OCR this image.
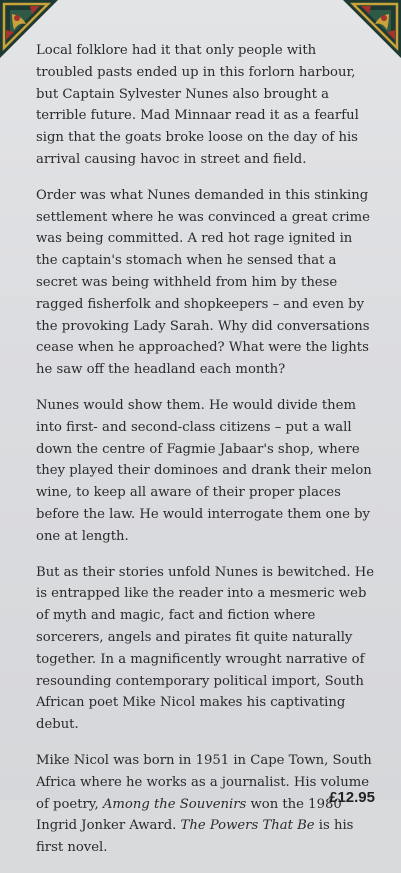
Local folklore had it that only people with troubled pasts ended up in this forlorn harbour, but Captain Sylvester Nunes also brought a terrible future. Mad Minnaar read it as a fearful sign that the goats broke loose on the day of his arrival causing havoc in street and field.

Order was what Nunes demanded in this stinking settlement where he was convinced a great crime was being committed. A red hot rage ignited in the captain's stomach when he sensed that a secret was being withheld from him by these ragged fisherfolk and shopkeepers – and even by the provoking Lady Sarah. Why did conversations cease when he approached? What were the lights he saw off the headland each month?

Nunes would show them. He would divide them into first- and second-class citizens – put a wall down the centre of Fagmie Jabaar's shop, where they played their dominoes and drank their melon wine, to keep all aware of their proper places before the law. He would interrogate them one by one at length.

But as their stories unfold Nunes is bewitched. He is entrapped like the reader into a mesmeric web of myth and magic, fact and fiction where sorcerers, angels and pirates fit quite naturally together. In a magnificently wrought narrative of resounding contemporary political import, South African poet Mike Nicol makes his captivating debut.

Mike Nicol was born in 1951 in Cape Town, South Africa where he works as a journalist. His volume of poetry, Among the Souvenirs won the 1980 Ingrid Jonker Award. The Powers That Be is his first novel.

£12.95
